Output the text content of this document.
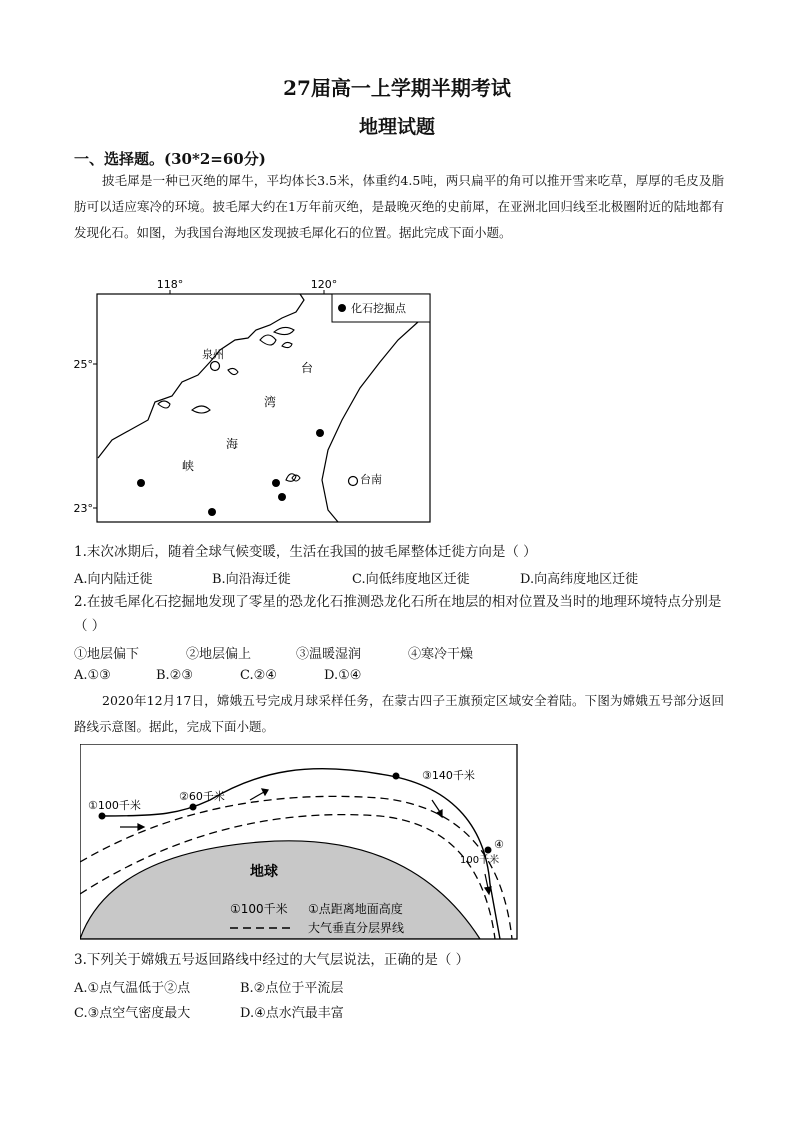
27届高一上学期半期考试
地理试题
一、选择题。(30*2=60分)
披毛犀是一种已灭绝的犀牛，平均体长3.5米，体重约4.5吨，两只扁平的角可以推开雪来吃草，厚厚的毛皮及脂肪可以适应寒冷的环境。披毛犀大约在1万年前灭绝，是最晚灭绝的史前犀，在亚洲北回归线至北极圈附近的陆地都有发现化石。如图，为我国台海地区发现披毛犀化石的位置。据此完成下面小题。
118°	120°
25°
23°
化石挖掘点
泉州
台南
台
湾
海
峡
1.末次冰期后，随着全球气候变暖，生活在我国的披毛犀整体迁徙方向是（ ）
A.向内陆迁徙	B.向沿海迁徙	C.向低纬度地区迁徙	D.向高纬度地区迁徙
2.在披毛犀化石挖掘地发现了零星的恐龙化石推测恐龙化石所在地层的相对位置及当时的地理环境特点分别是（ ）
①地层偏下	②地层偏上	③温暖湿润	④寒冷干燥
A.①③	B.②③	C.②④	D.①④
2020年12月17日，嫦娥五号完成月球采样任务，在蒙古四子王旗预定区域安全着陆。下图为嫦娥五号部分返回路线示意图。据此，完成下面小题。
①100千米
②60千米
③140千米
④
100千米
地球
①100千米 ①点距离地面高度
大气垂直分层界线
3.下列关于嫦娥五号返回路线中经过的大气层说法，正确的是（ ）
A.①点气温低于②点	B.②点位于平流层
C.③点空气密度最大	D.④点水汽最丰富
